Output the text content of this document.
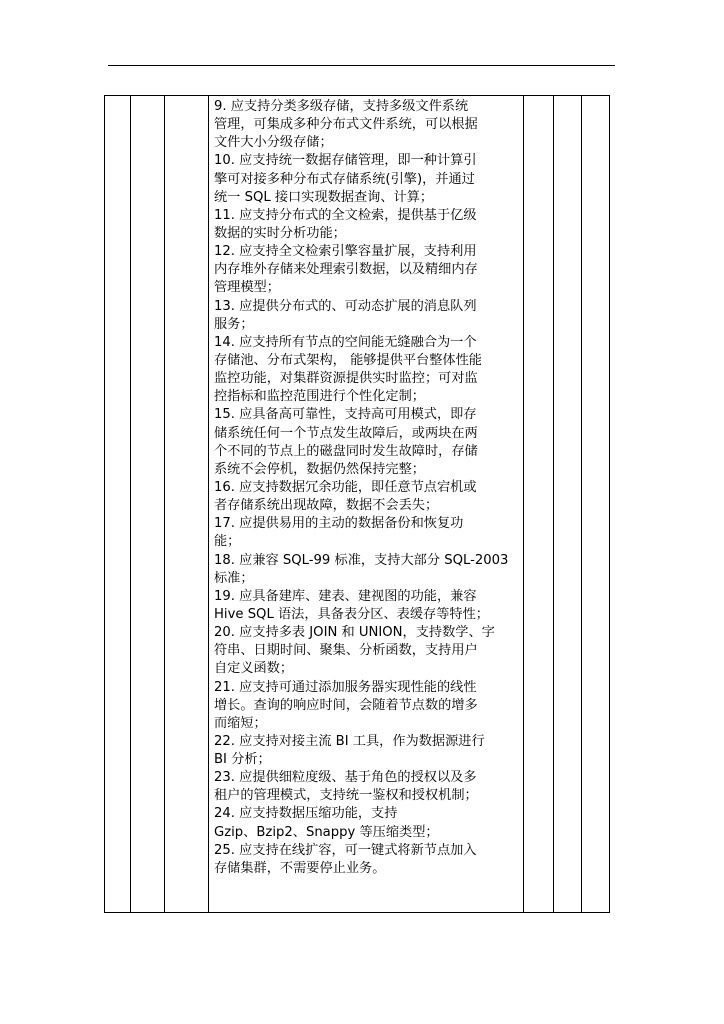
9. 应支持分类多级存储，支持多级文件系统
管理，可集成多种分布式文件系统，可以根据
文件大小分级存储；
10. 应支持统一数据存储管理，即一种计算引
擎可对接多种分布式存储系统(引擎)，并通过
统一 SQL 接口实现数据查询、计算；
11. 应支持分布式的全文检索，提供基于亿级
数据的实时分析功能；
12. 应支持全文检索引擎容量扩展，支持利用
内存堆外存储来处理索引数据，以及精细内存
管理模型；
13. 应提供分布式的、可动态扩展的消息队列
服务；
14. 应支持所有节点的空间能无缝融合为一个
存储池、分布式架构， 能够提供平台整体性能
监控功能，对集群资源提供实时监控；可对监
控指标和监控范围进行个性化定制；
15. 应具备高可靠性，支持高可用模式，即存
储系统任何一个节点发生故障后，或两块在两
个不同的节点上的磁盘同时发生故障时，存储
系统不会停机，数据仍然保持完整；
16. 应支持数据冗余功能，即任意节点宕机或
者存储系统出现故障，数据不会丢失；
17. 应提供易用的主动的数据备份和恢复功
能；
18. 应兼容 SQL-99 标准，支持大部分 SQL-2003
标准；
19. 应具备建库、建表、建视图的功能，兼容
Hive SQL 语法，具备表分区、表缓存等特性；
20. 应支持多表 JOIN 和 UNION，支持数学、字
符串、日期时间、聚集、分析函数，支持用户
自定义函数；
21. 应支持可通过添加服务器实现性能的线性
增长。查询的响应时间，会随着节点数的增多
而缩短；
22. 应支持对接主流 BI 工具，作为数据源进行
BI 分析；
23. 应提供细粒度级、基于角色的授权以及多
租户的管理模式，支持统一鉴权和授权机制；
24. 应支持数据压缩功能，支持
Gzip、Bzip2、Snappy 等压缩类型；
25. 应支持在线扩容，可一键式将新节点加入
存储集群，不需要停止业务。
